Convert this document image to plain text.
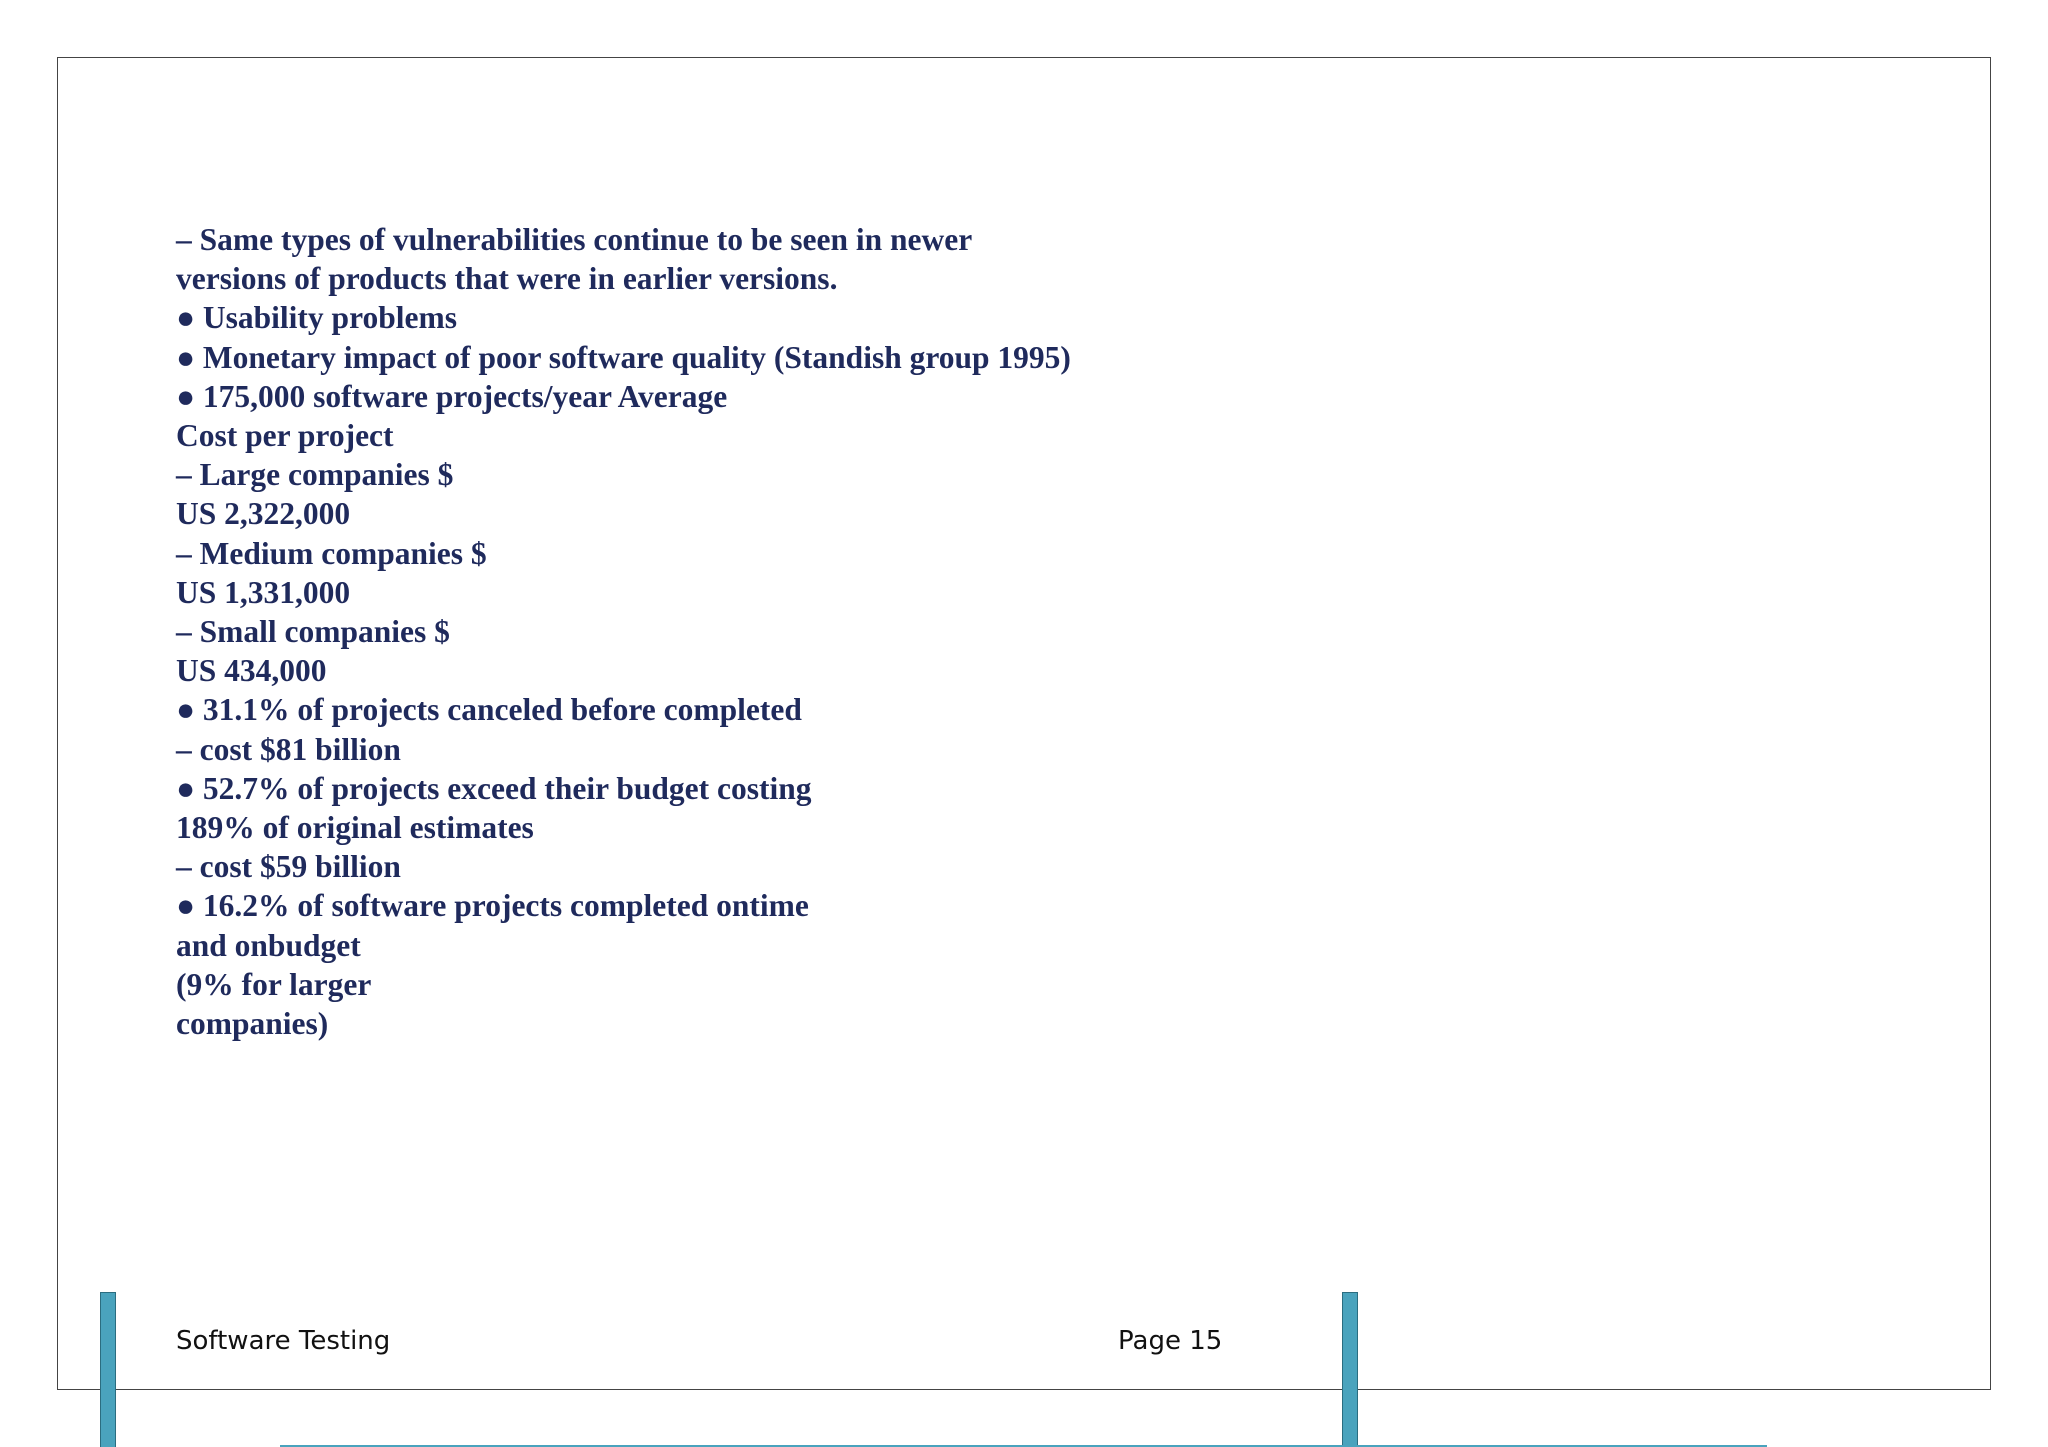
– Same types of vulnerabilities continue to be seen in newer
versions of products that were in earlier versions.
● Usability problems
● Monetary impact of poor software quality (Standish group 1995)
● 175,000 software projects/year Average
Cost per project
– Large companies $
US 2,322,000
– Medium companies $
US 1,331,000
– Small companies $
US 434,000
● 31.1% of projects canceled before completed
– cost $81 billion
● 52.7% of projects exceed their budget costing
189% of original estimates
– cost $59 billion
● 16.2% of software projects completed ontime
and onbudget
(9% for larger
companies)
Software Testing	Page 15
